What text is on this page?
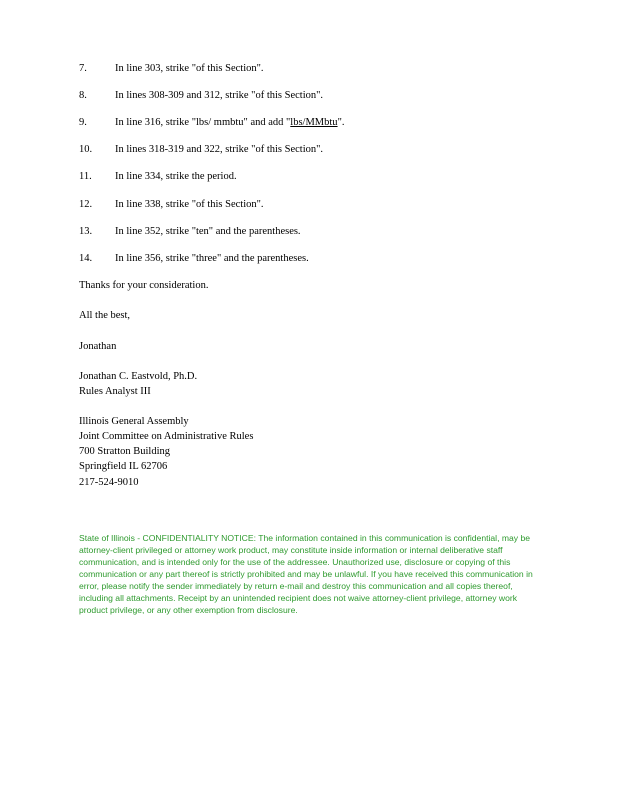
7.	In line 303, strike "of this Section".
8.	In lines 308-309 and 312, strike "of this Section".
9.	In line 316, strike "lbs/ mmbtu" and add "lbs/MMbtu".
10. In lines 318-319 and 322, strike "of this Section".
11. In line 334, strike the period.
12. In line 338, strike "of this Section".
13. In line 352, strike "ten" and the parentheses.
14. In line 356, strike "three" and the parentheses.
Thanks for your consideration.
All the best,
Jonathan
Jonathan C. Eastvold, Ph.D.
Rules Analyst III
Illinois General Assembly
Joint Committee on Administrative Rules
700 Stratton Building
Springfield IL 62706
217-524-9010
State of Illinois - CONFIDENTIALITY NOTICE: The information contained in this communication is confidential, may be attorney-client privileged or attorney work product, may constitute inside information or internal deliberative staff communication, and is intended only for the use of the addressee. Unauthorized use, disclosure or copying of this communication or any part thereof is strictly prohibited and may be unlawful. If you have received this communication in error, please notify the sender immediately by return e-mail and destroy this communication and all copies thereof, including all attachments. Receipt by an unintended recipient does not waive attorney-client privilege, attorney work product privilege, or any other exemption from disclosure.
